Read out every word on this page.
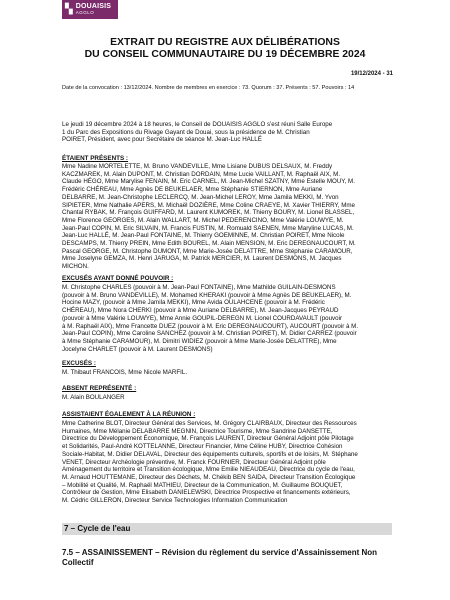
▚ DOUAISIS
AGGLO
EXTRAIT DU REGISTRE AUX DÉLIBÉRATIONS
DU CONSEIL COMMUNAUTAIRE DU 19 DÉCEMBRE 2024
19/12/2024 - 31
Date de la convocation : 13/12/2024. Nombre de membres en exercice : 73. Quorum : 37. Présents : 57. Pouvoirs : 14
Le jeudi 19 décembre 2024 à 18 heures, le Conseil de DOUAISIS AGGLO s'est réuni Salle Europe
1 du Parc des Expositions du Rivage Gayant de Douai, sous la présidence de M. Christian
POIRET, Président, avec pour Secrétaire de séance M. Jean-Luc HALLÉ
ÉTAIENT PRÉSENTS :
Mme Nadine MORTELETTE, M. Bruno VANDEVILLE, Mme Lisiane DUBUS DELSAUX, M. Freddy
KACZMAREK, M. Alain DUPONT, M. Christian DORDAIN, Mme Lucie VAILLANT, M. Raphaël AIX, M.
Claude HÉGO, Mme Marylise FENAIN, M. Eric CARNEL, M. Jean-Michel SZATNY, Mme Estelle MOUY, M.
Frédéric CHÉREAU, Mme Agnès DE BEUKELAER, Mme Stéphanie STIERNON, Mme Auriane
DELBARRE, M. Jean-Christophe LECLERCQ, M. Jean-Michel LEROY, Mme Jamila MEKKI, M. Yvon
SIPIETER, Mme Nathalie APERS, M. Michaël DOZIÈRE, Mme Coline CRAEYE, M. Xavier THIERRY, Mme
Chantal RYBAK, M. François GUIFFARD, M. Laurent KUMOREK, M. Thierry BOURY, M. Lionel BLASSEL,
Mme Florence GEORGES, M. Alain WALLART, M. Michel PEDERENCINO, Mme Valérie LOUWYE, M.
Jean-Paul COPIN, M. Eric SILVAIN, M. Francis FUSTIN, M. Romuald SAENEN, Mme Maryline LUCAS, M.
Jean-Luc HALLÉ, M. Jean-Paul FONTAINE, M. Thierry GOEMINNE, M. Christian POIRET, Mme Nicole
DESCAMPS, M. Thierry PREIN, Mme Edith BOUREL, M. Alain MENSION, M. Eric DEREGNAUCOURT, M.
Pascal GEORGE, M. Christophe DUMONT, Mme Marie-Josée DELATTRE, Mme Stéphanie CARAMOUR,
Mme Joselyne GEMZA, M. Henri JARUGA, M. Patrick MERCIER, M. Laurent DESMONS, M. Jacques
MICHON.
EXCUSÉS AYANT DONNÉ POUVOIR :
M. Christophe CHARLES (pouvoir à M. Jean-Paul FONTAINE), Mme Mathilde GUILAIN-DESMONS
(pouvoir à M. Bruno VANDEVILLE), M. Mohamed KHERAKI (pouvoir à Mme Agnès DE BEUKELAER), M.
Hocine MAZY, (pouvoir à Mme Jamila MEKKI), Mme Avida OULAHCENE (pouvoir à M. Frédéric
CHÉREAU), Mme Nora CHERKI (pouvoir à Mme Auriane DELBARRE), M. Jean-Jacques PEYRAUD
(pouvoir à Mme Valérie LOUWYE), Mme Annie GOUPIL-DEREGN M. Lionel COURDAVAULT (pouvoir
à M. Raphaël AIX), Mme Francette DUEZ (pouvoir à M. Eric DEREGNAUCOURT), AUCOURT (pouvoir à M.
Jean-Paul COPIN), Mme Caroline SANCHEZ (pouvoir à M. Christian POIRET), M. Didier CARREZ (pouvoir
à Mme Stéphanie CARAMOUR), M. Dimitri WIDIEZ (pouvoir à Mme Marie-Josée DELATTRE), Mme
Jocelyne CHARLET (pouvoir à M. Laurent DESMONS)
EXCUSÉS :
M. Thibaut FRANCOIS, Mme Nicole MARFIL.
ABSENT REPRÉSENTÉ :
M. Alain BOULANGER
ASSISTAIENT ÉGALEMENT À LA RÉUNION :
Mme Catherine BLOT, Directeur Général des Services, M. Grégory CLAIRBAUX, Directeur des Ressources
Humaines, Mme Mélanie DELABARRE MEGNIN, Directrice Tourisme, Mme Sandrine DANSETTE,
Directrice du Développement Économique, M. François LAURENT, Directeur Général Adjoint pôle Pilotage
et Solidarités, Paul-André KOTTELANNE, Directeur Financier, Mme Céline HUBY, Directrice Cohésion
Sociale-Habitat, M. Didier DELAVAL, Directeur des équipements culturels, sportifs et de loisirs, M. Stéphane
VENET, Directeur Archéologie préventive, M. Franck FOURNIER, Directeur Général Adjoint pôle
Aménagement du territoire et Transition écologique, Mme Emilie NIEAUDEAU, Directrice du cycle de l'eau,
M. Arnaud HOUTTEMANE, Directeur des Déchets, M. Chékib BEN SAIDA, Directeur Transition Écologique
– Mobilité et Qualité, M. Raphaël MATHIEU, Directeur de la Communication, M. Guillaume BOUQUET,
Contrôleur de Gestion, Mme Elisabeth DANIELEWSKI, Directrice Prospective et financements extérieurs,
M. Cédric GILLERON, Directeur Service Technologies Information Communication
7 – Cycle de l'eau
7.5 – ASSAINISSEMENT – Révision du règlement du service d'Assainissement Non Collectif
